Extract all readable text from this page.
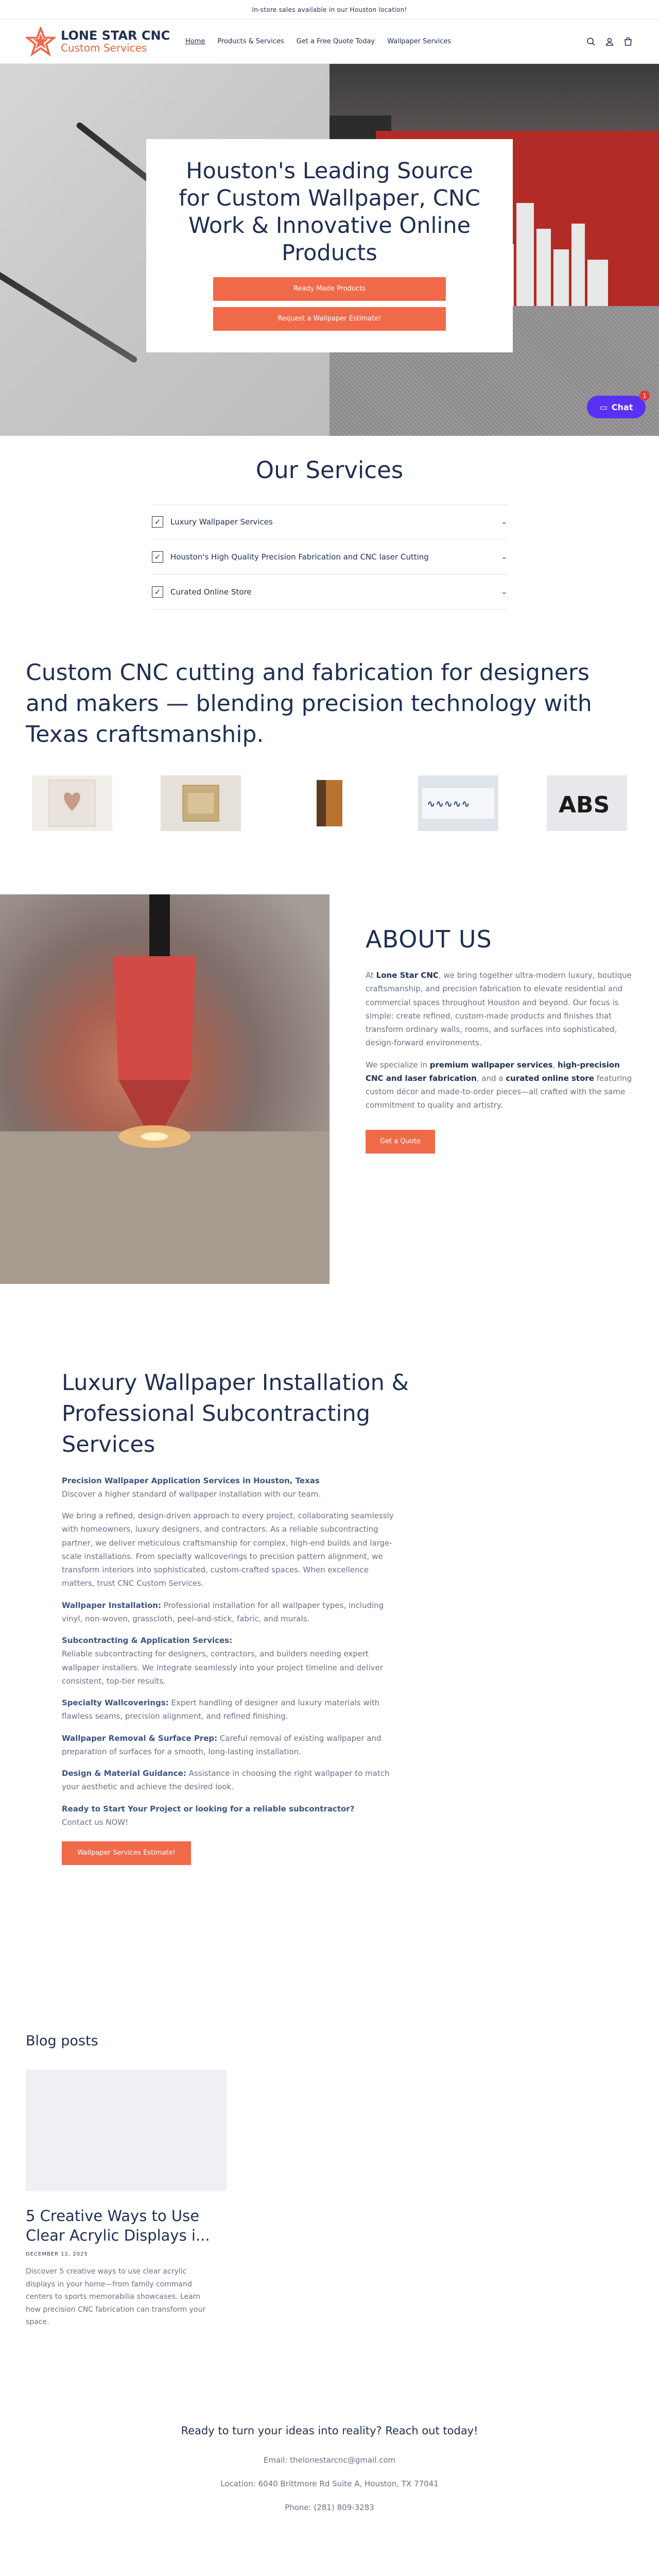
In-store sales available in our Houston location!
LONE STAR CNC
Custom Services	Home Products & Services Get a Free Quote Today Wallpaper Services
Houston's Leading Source for Custom Wallpaper, CNC Work & Innovative Online Products
Ready Made Products
Request a Wallpaper Estimate!
▭ Chat
1
Our Services
✓	Luxury Wallpaper Services	⌄
✓	Houston's High Quality Precision Fabrication and CNC laser Cutting	⌄
✓	Curated Online Store	⌄
Custom CNC cutting and fabrication for designers and makers — blending precision technology with Texas craftsmanship.
∿∿∿∿∿	ABS
ABOUT US

At Lone Star CNC, we bring together ultra-modern luxury, boutique craftsmanship, and precision fabrication to elevate residential and commercial spaces throughout Houston and beyond. Our focus is simple: create refined, custom-made products and finishes that transform ordinary walls, rooms, and surfaces into sophisticated, design-forward environments.

We specialize in premium wallpaper services, high-precision CNC and laser fabrication, and a curated online store featuring custom décor and made-to-order pieces—all crafted with the same commitment to quality and artistry.

Get a Quote
Luxury Wallpaper Installation & Professional Subcontracting Services

Precision Wallpaper Application Services in Houston, Texas
Discover a higher standard of wallpaper installation with our team.

We bring a refined, design-driven approach to every project, collaborating seamlessly with homeowners, luxury designers, and contractors. As a reliable subcontracting partner, we deliver meticulous craftsmanship for complex, high-end builds and large-scale installations. From specialty wallcoverings to precision pattern alignment, we transform interiors into sophisticated, custom-crafted spaces. When excellence matters, trust CNC Custom Services.

Wallpaper Installation: Professional installation for all wallpaper types, including vinyl, non-woven, grasscloth, peel-and-stick, fabric, and murals.

Subcontracting & Application Services:
Reliable subcontracting for designers, contractors, and builders needing expert wallpaper installers. We integrate seamlessly into your project timeline and deliver consistent, top-tier results.

Specialty Wallcoverings: Expert handling of designer and luxury materials with flawless seams, precision alignment, and refined finishing.

Wallpaper Removal & Surface Prep: Careful removal of existing wallpaper and preparation of surfaces for a smooth, long-lasting installation.

Design & Material Guidance: Assistance in choosing the right wallpaper to match your aesthetic and achieve the desired look.

Ready to Start Your Project or looking for a reliable subcontractor?
Contact us NOW!

Wallpaper Services Estimate!
Blog posts
5 Creative Ways to Use Clear Acrylic Displays i...
DECEMBER 12, 2025

Discover 5 creative ways to use clear acrylic displays in your home—from family command centers to sports memorabilia showcases. Learn how precision CNC fabrication can transform your space.

Ready to turn your ideas into reality? Reach out today!
Email: thelonestarcnc@gmail.com
Location: 6040 Brittmore Rd Suite A, Houston, TX 77041
Phone: (281) 809-3283
